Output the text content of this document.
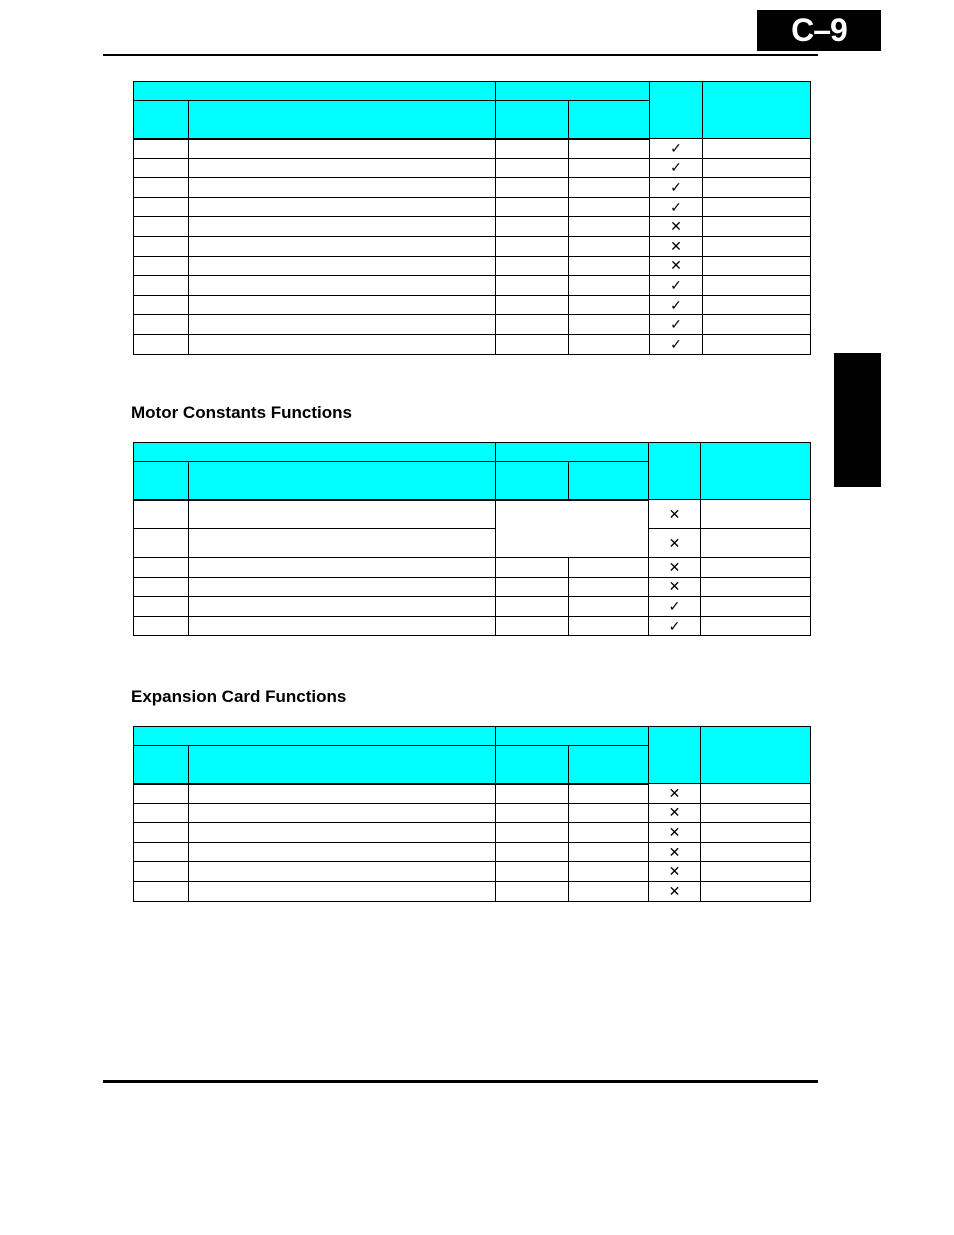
C–9

				✓	
				✓	
				✓	
				✓	
				✕	
				✕	
				✕	
				✓	
				✓	
				✓	
				✓	
Motor Constants Functions

				✕	
				✕	
				✕	
				✕	
				✓	
				✓	
Expansion Card Functions

				✕	
				✕	
				✕	
				✕	
				✕	
				✕	
